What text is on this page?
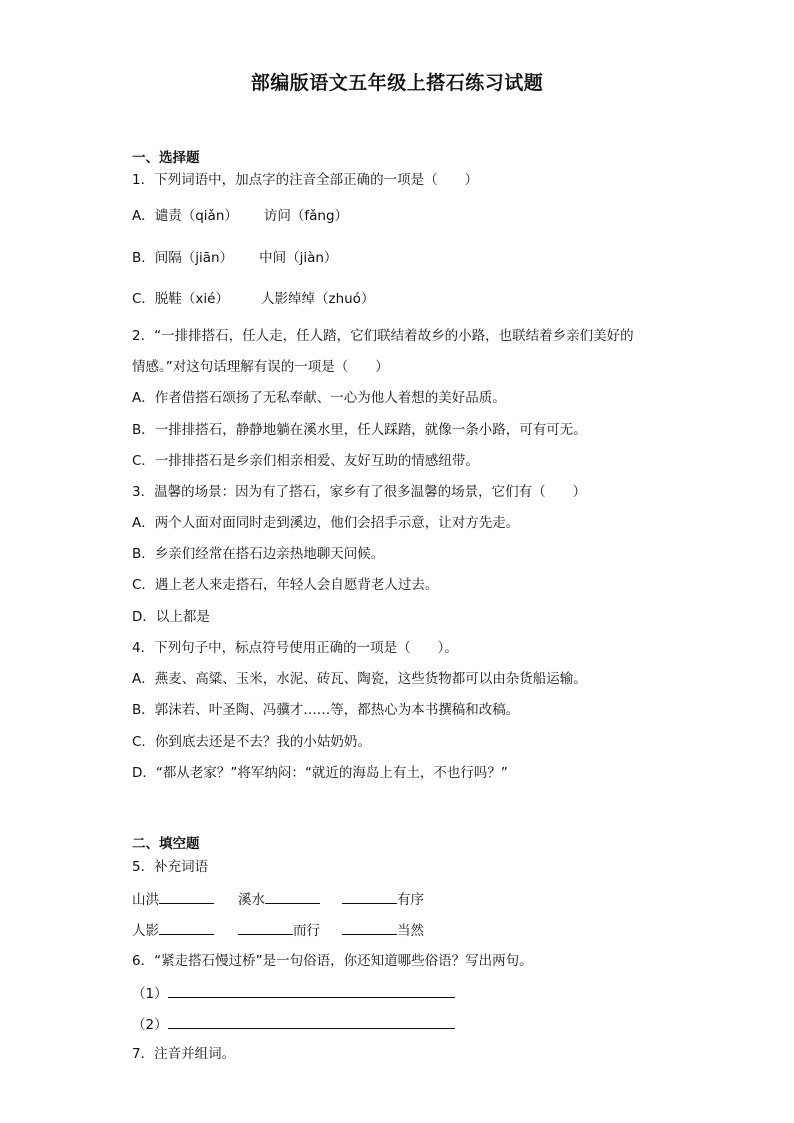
部编版语文五年级上搭石练习试题
一、选择题
1．下列词语中，加点字的注音全部正确的一项是（　　）
A．谴责（qiǎn） 访问（fǎng）
B．间隔（jiān） 中间（jiàn）
C．脱鞋（xié） 人影绰绰（zhuó）
2．“一排排搭石，任人走，任人踏，它们联结着故乡的小路，也联结着乡亲们美好的
情感。”对这句话理解有误的一项是（　　）
A．作者借搭石颂扬了无私奉献、一心为他人着想的美好品质。
B．一排排搭石，静静地躺在溪水里，任人踩踏，就像一条小路，可有可无。
C．一排排搭石是乡亲们相亲相爱、友好互助的情感纽带。
3．温馨的场景：因为有了搭石，家乡有了很多温馨的场景，它们有（　　）
A．两个人面对面同时走到溪边，他们会招手示意，让对方先走。
B．乡亲们经常在搭石边亲热地聊天问候。
C．遇上老人来走搭石，年轻人会自愿背老人过去。
D．以上都是
4．下列句子中，标点符号使用正确的一项是（　　）。
A．燕麦、高粱、玉米，水泥、砖瓦、陶瓷，这些货物都可以由杂货船运输。
B．郭沫若、叶圣陶、冯骥才……等，都热心为本书撰稿和改稿。
C．你到底去还是不去？我的小姑奶奶。
D．“都从老家？”将军纳闷：“就近的海岛上有土，不也行吗？”
二、填空题
5．补充词语
山洪	溪水	有序
人影	而行	当然
6．“紧走搭石慢过桥”是一句俗语，你还知道哪些俗语？写出两句。
（1）
（2）
7．注音并组词。
